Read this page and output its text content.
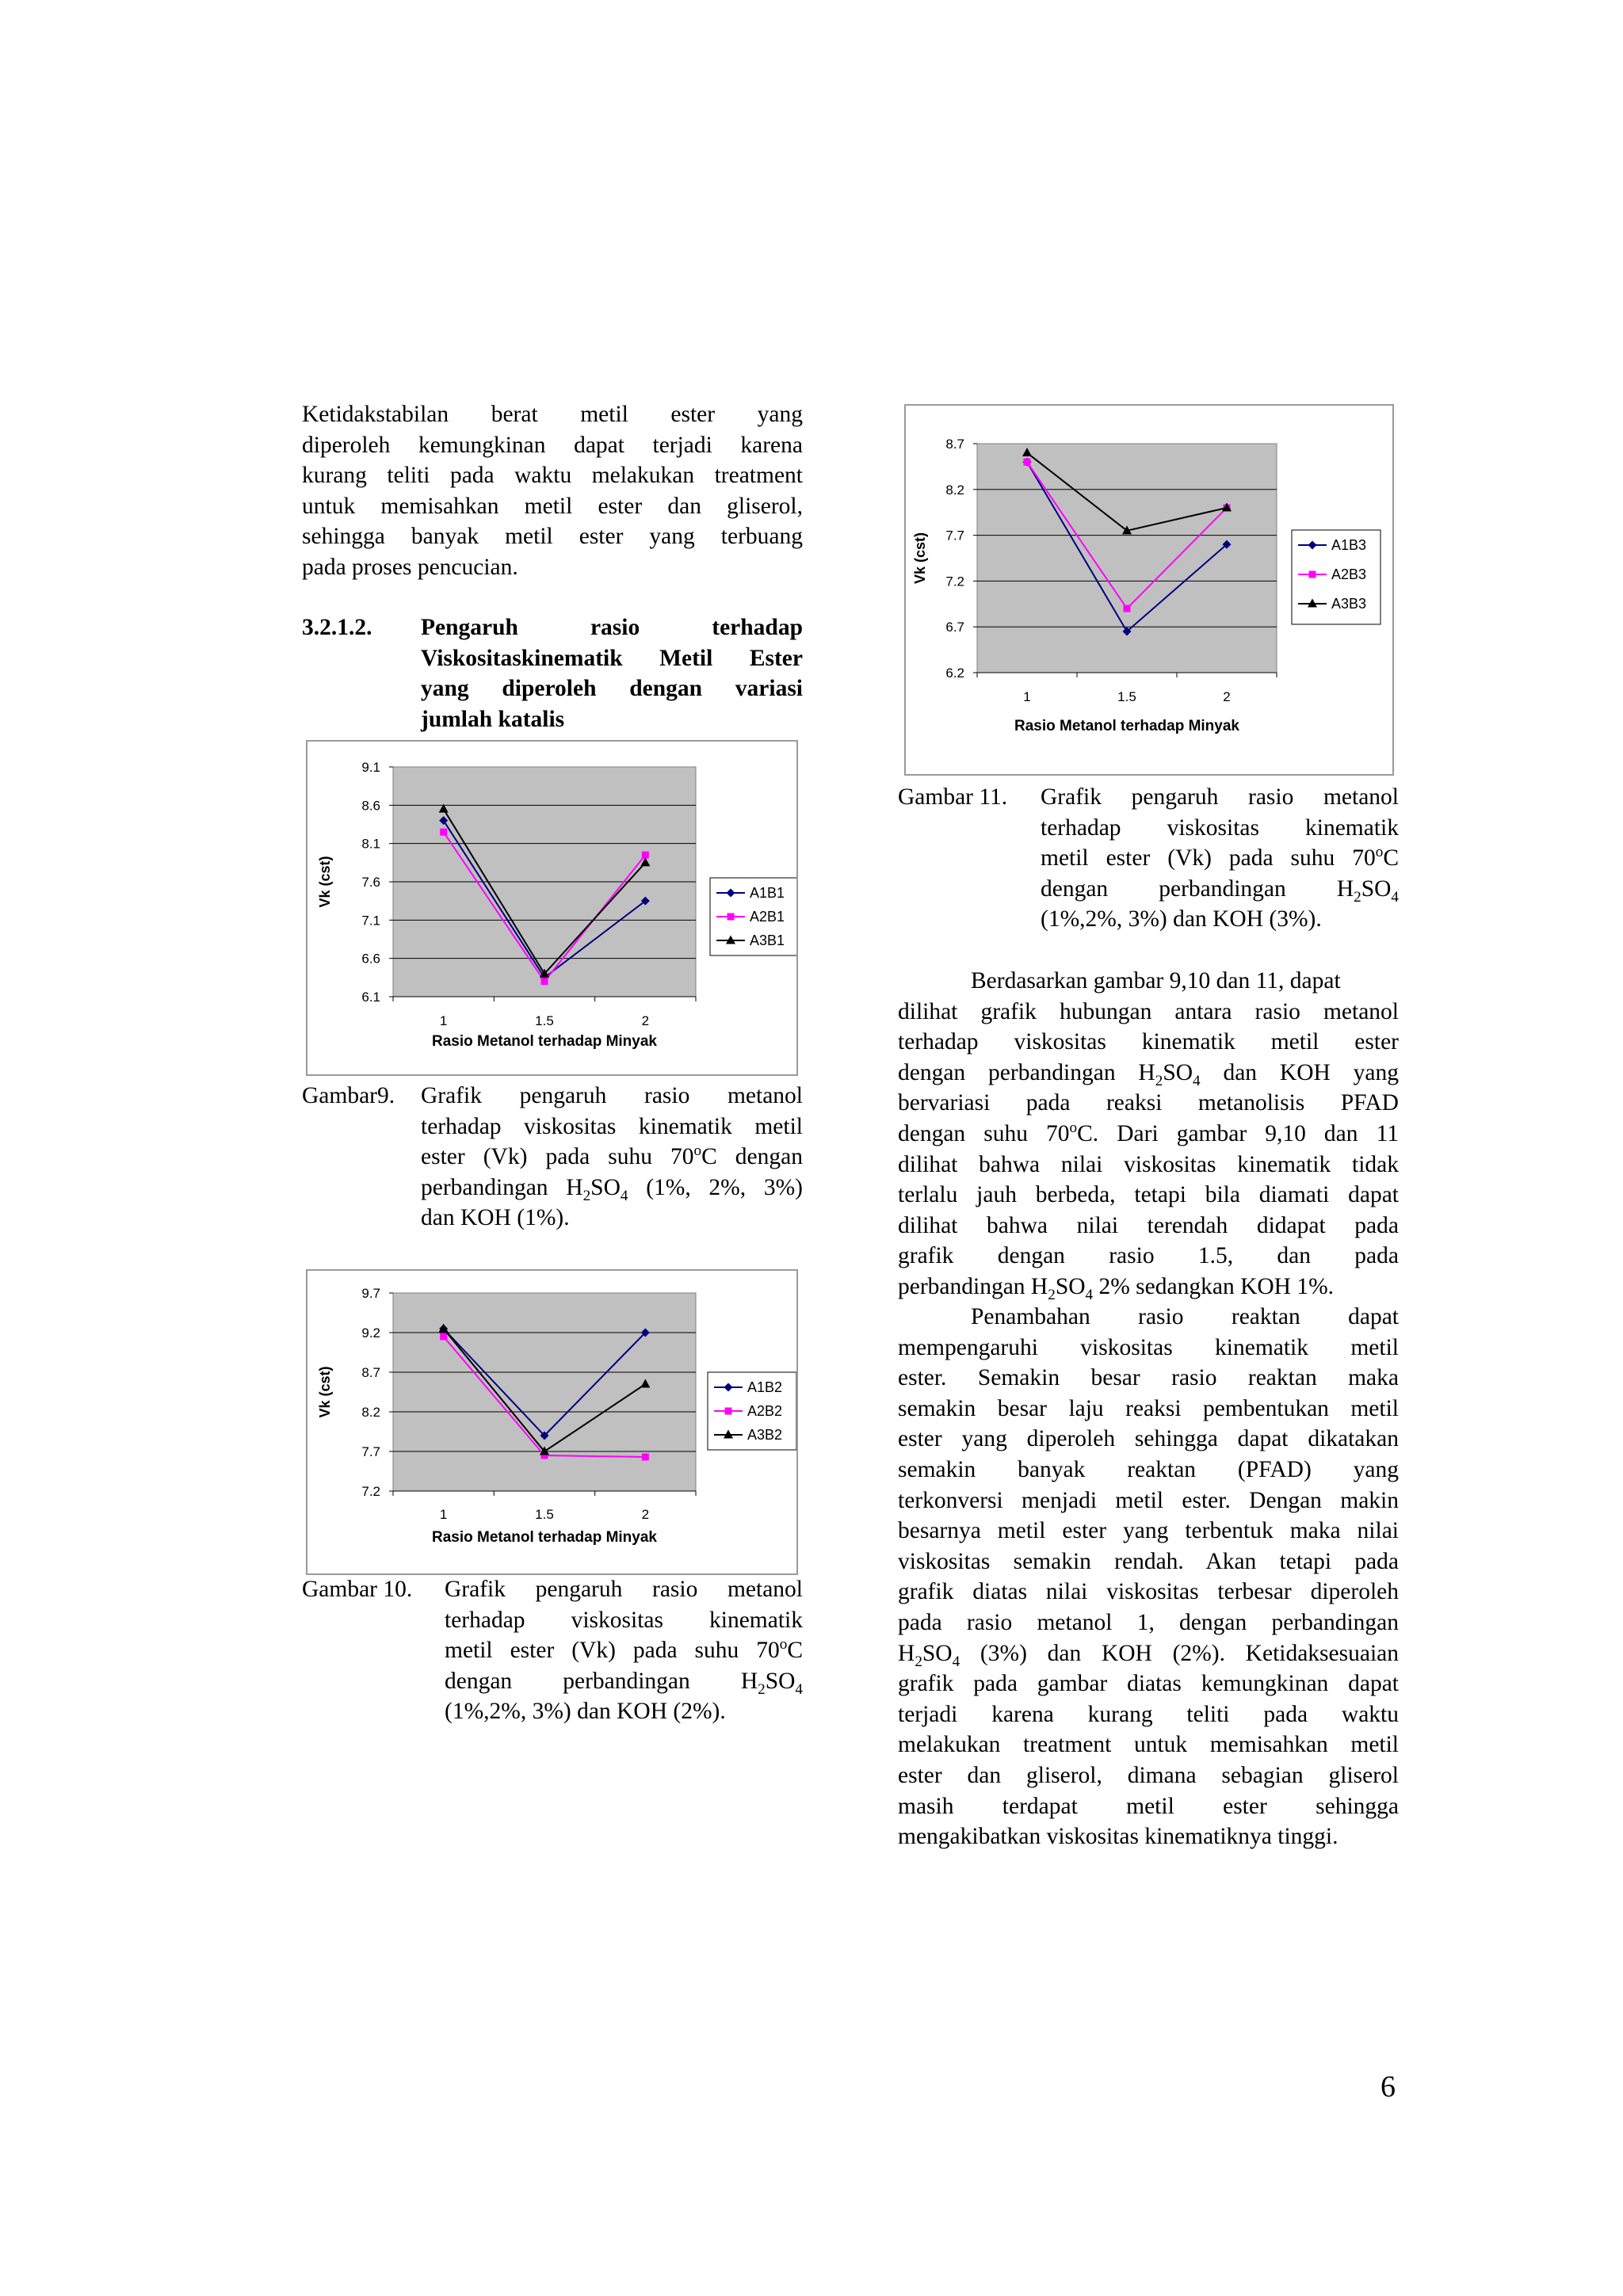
Ketidakstabilan berat metil ester yang

diperoleh kemungkinan dapat terjadi karena

kurang teliti pada waktu melakukan treatment

untuk memisahkan metil ester dan gliserol,

sehingga banyak metil ester yang terbuang

pada proses pencucian.

3.2.1.2. Pengaruh rasio terhadap
Viskositaskinematik Metil Ester
yang diperoleh dengan variasi
jumlah katalis
9.1
8.6
8.1
7.6
7.1
6.6
6.1
1	1.5	2
Rasio Metanol terhadap Minyak
Vk (cst)	A1B1
A2B1
A3B1
Gambar9. Grafik pengaruh rasio metanol
terhadap viskositas kinematik metil
ester (Vk) pada suhu 70$^o$C dengan
perbandingan $H_2SO_4$ (1%, 2%, 3%)
dan KOH (1%).
9.7
9.2
8.7
8.2
7.7
7.2
1	1.5	2
Rasio Metanol terhadap Minyak
Vk (cst)	A1B2
A2B2
A3B2
Gambar 10. Grafik pengaruh rasio metanol
terhadap viskositas kinematik
metil ester (Vk) pada suhu 70$^o$C
dengan perbandingan $H_2SO_4$
(1%,2%, 3%) dan KOH (2%).
8.7
8.2
7.7
7.2
6.7
6.2
1	1.5	2
Rasio Metanol terhadap Minyak
Vk (cst)	A1B3
A2B3
A3B3
Gambar 11. Grafik pengaruh rasio metanol
terhadap viskositas kinematik
metil ester (Vk) pada suhu 70$^o$C
dengan perbandingan $H_2SO_4$
(1%,2%, 3%) dan KOH (3%).

Berdasarkan gambar 9,10 dan 11, dapat

dilihat grafik hubungan antara rasio metanol

terhadap viskositas kinematik metil ester

dengan perbandingan $H_2SO_4$ dan KOH yang

bervariasi pada reaksi metanolisis PFAD

dengan suhu 70$^o$C. Dari gambar 9,10 dan 11

dilihat bahwa nilai viskositas kinematik tidak

terlalu jauh berbeda, tetapi bila diamati dapat

dilihat bahwa nilai terendah didapat pada

grafik dengan rasio 1.5, dan pada

perbandingan $H_2SO_4$ 2% sedangkan KOH 1%.

Penambahan rasio reaktan dapat

mempengaruhi viskositas kinematik metil

ester. Semakin besar rasio reaktan maka

semakin besar laju reaksi pembentukan metil

ester yang diperoleh sehingga dapat dikatakan

semakin banyak reaktan (PFAD) yang

terkonversi menjadi metil ester. Dengan makin

besarnya metil ester yang terbentuk maka nilai

viskositas semakin rendah. Akan tetapi pada

grafik diatas nilai viskositas terbesar diperoleh

pada rasio metanol 1, dengan perbandingan

$H_2SO_4$ (3%) dan KOH (2%). Ketidaksesuaian

grafik pada gambar diatas kemungkinan dapat

terjadi karena kurang teliti pada waktu

melakukan treatment untuk memisahkan metil

ester dan gliserol, dimana sebagian gliserol

masih terdapat metil ester sehingga

mengakibatkan viskositas kinematiknya tinggi.

6
